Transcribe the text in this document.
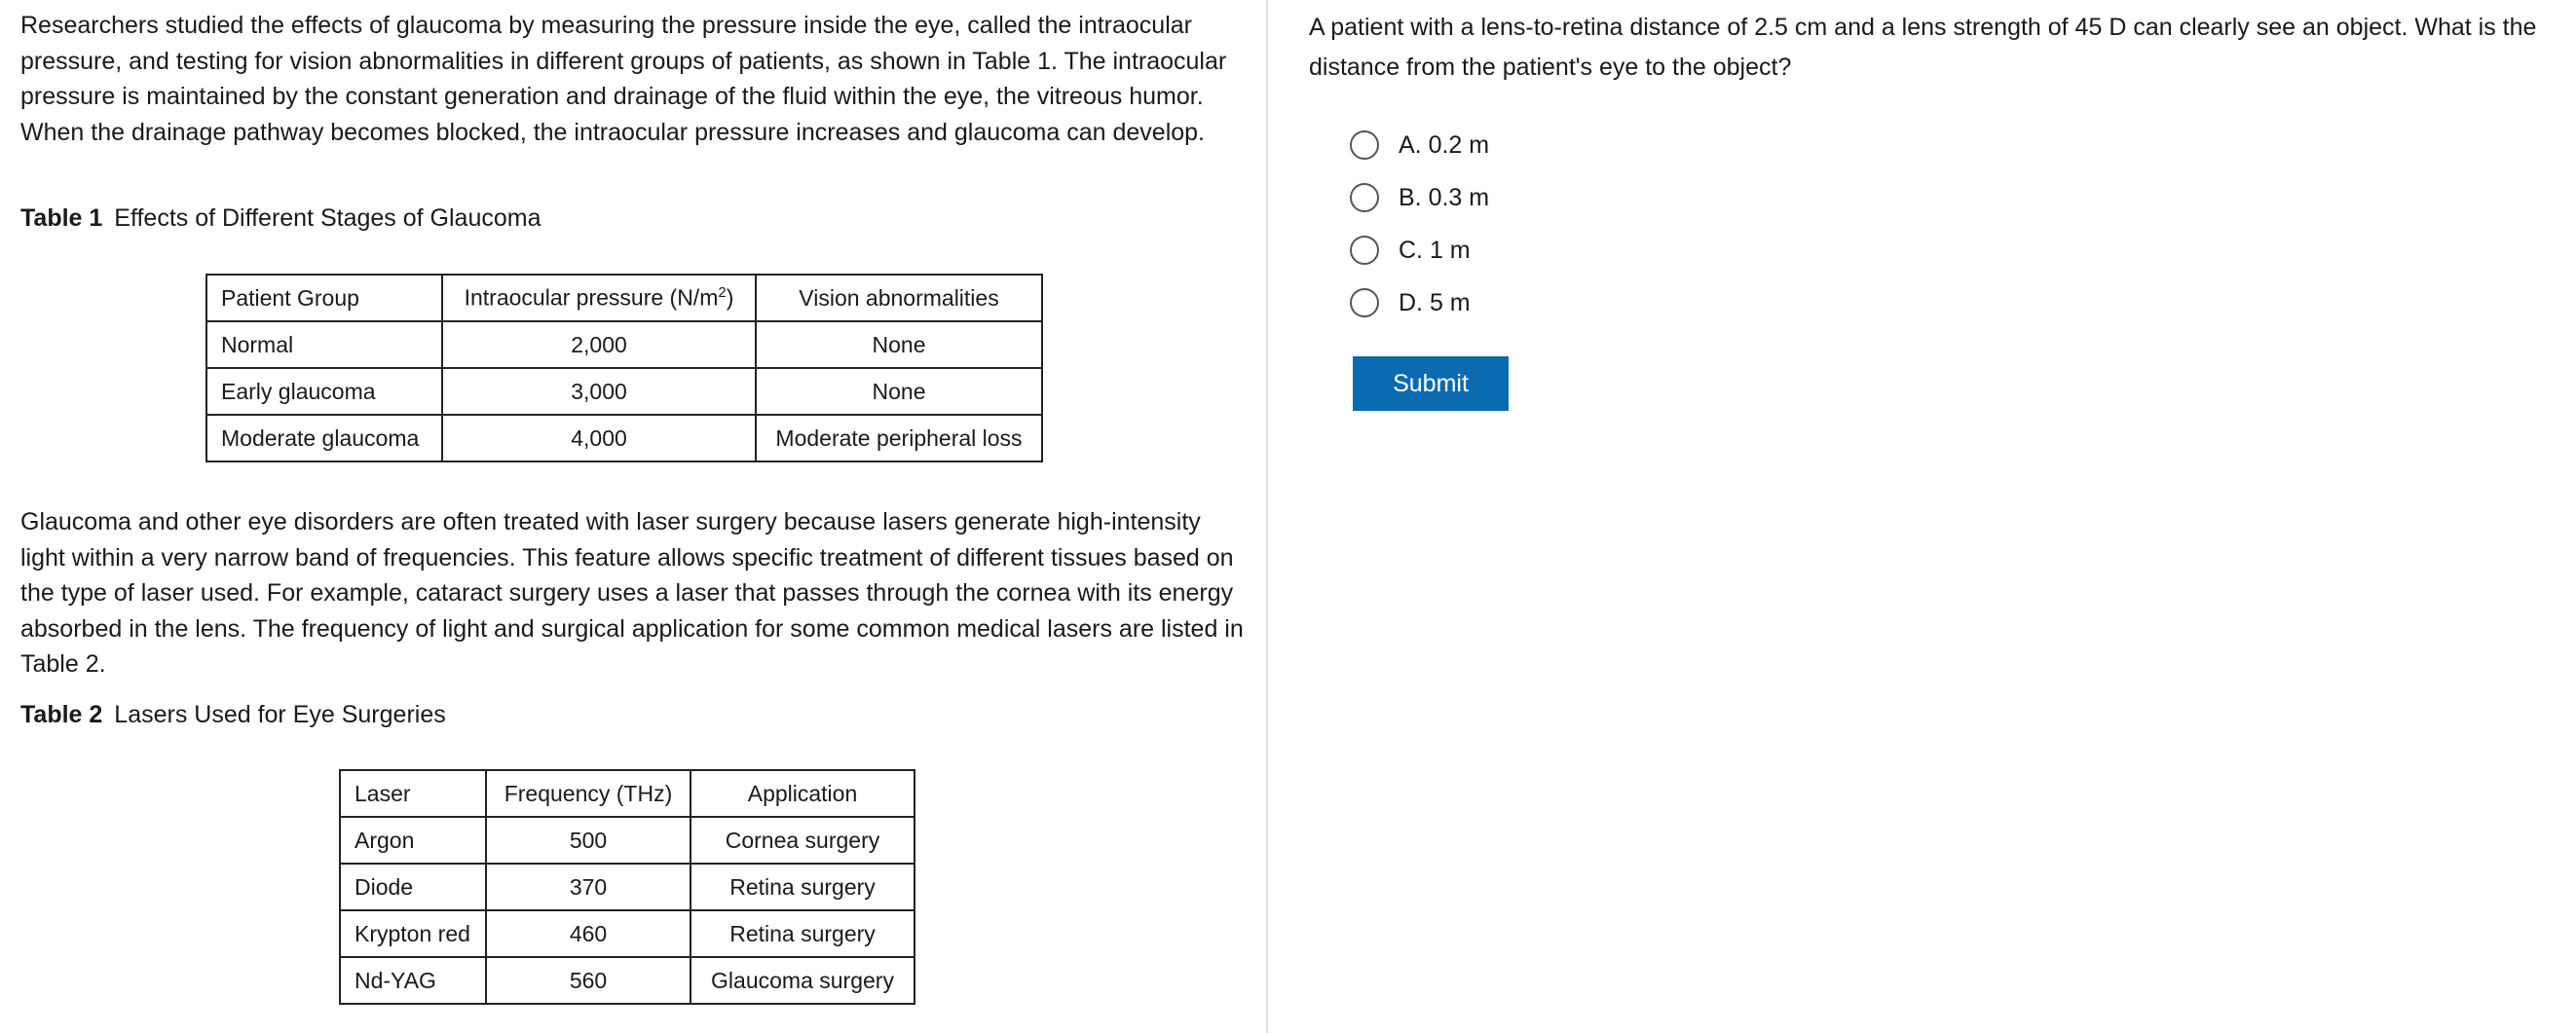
Researchers studied the effects of glaucoma by measuring the pressure inside the eye, called the intraocular pressure, and testing for vision abnormalities in different groups of patients, as shown in Table 1. The intraocular pressure is maintained by the constant generation and drainage of the fluid within the eye, the vitreous humor. When the drainage pathway becomes blocked, the intraocular pressure increases and glaucoma can develop.

Table 1 Effects of Different Stages of Glaucoma

Patient Group	Intraocular pressure $(N/m^2)$	Vision abnormalities
Normal	2,000	None
Early glaucoma	3,000	None
Moderate glaucoma	4,000	Moderate peripheral loss

Glaucoma and other eye disorders are often treated with laser surgery because lasers generate high-intensity light within a very narrow band of frequencies. This feature allows specific treatment of different tissues based on the type of laser used. For example, cataract surgery uses a laser that passes through the cornea with its energy absorbed in the lens. The frequency of light and surgical application for some common medical lasers are listed in Table 2.

Table 2 Lasers Used for Eye Surgeries

Laser	Frequency (THz)	Application
Argon	500	Cornea surgery
Diode	370	Retina surgery
Krypton red	460	Retina surgery
Nd-YAG	560	Glaucoma surgery

A patient with a lens-to-retina distance of 2.5 cm and a lens strength of 45 D can clearly see an object. What is the distance from the patient's eye to the object?

A. 0.2 m
B. 0.3 m
C. 1 m
D. 5 m
Submit
